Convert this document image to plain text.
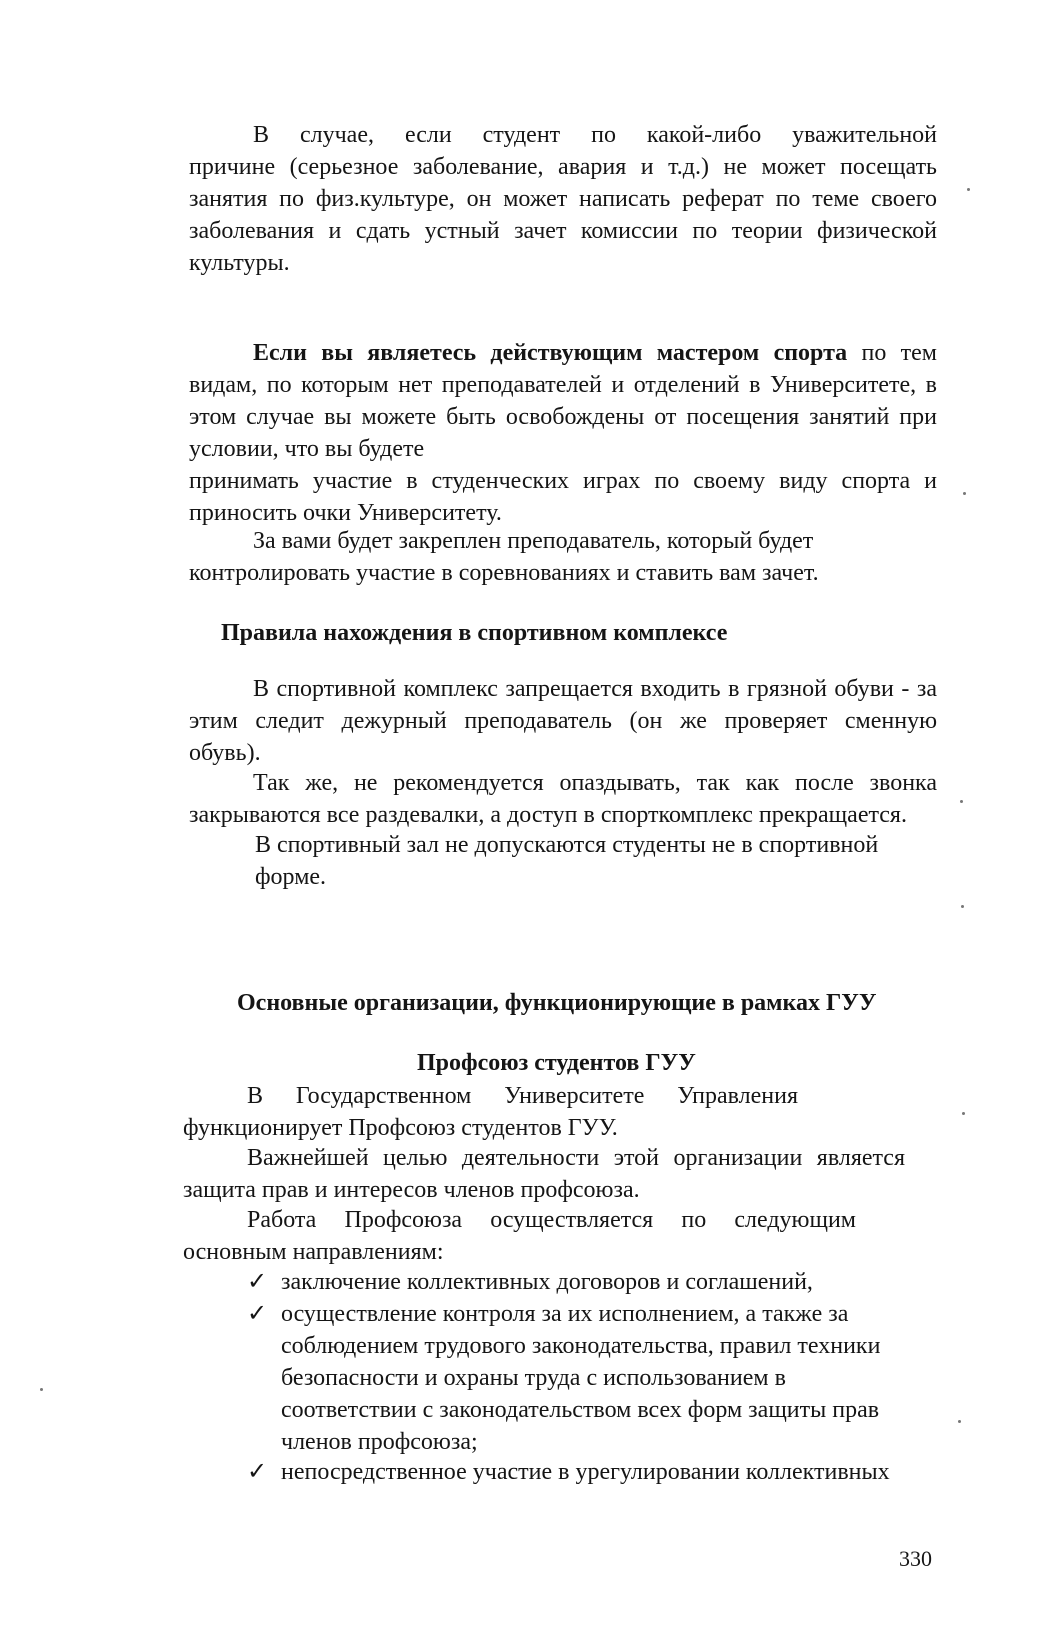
В случае, если студент по какой-либо уважительной
причине (серьезное заболевание, авария и т.д.) не может посещать
занятия по физ.культуре, он может написать реферат по теме своего
заболевания и сдать устный зачет комиссии по теории физической
культуры.
Если вы являетесь действующим мастером спорта по тем
видам, по которым нет преподавателей и отделений в Университете, в
этом случае вы можете быть освобождены от посещения занятий при
условии, что вы будете
принимать участие в студенческих играх по своему виду спорта и
приносить очки Университету.
За вами будет закреплен преподаватель, который будет
контролировать участие в соревнованиях и ставить вам зачет.
Правила нахождения в спортивном комплексе
В спортивной комплекс запрещается входить в грязной обуви - за
этим следит дежурный преподаватель (он же проверяет сменную
обувь).
Так же, не рекомендуется опаздывать, так как после звонка
закрываются все раздевалки, а доступ в спорткомплекс прекращается.
В спортивный зал не допускаются студенты не в спортивной
форме.
Основные организации, функционирующие в рамках ГУУ
Профсоюз студентов ГУУ
В Государственном Университете Управления
функционирует Профсоюз студентов ГУУ.
Важнейшей целью деятельности этой организации является
защита прав и интересов членов профсоюза.
Работа Профсоюза осуществляется по следующим
основным направлениям:
✓ заключение коллективных договоров и соглашений,
✓ осуществление контроля за их исполнением, а также за
соблюдением трудового законодательства, правил техники
безопасности и охраны труда с использованием в
соответствии с законодательством всех форм защиты прав
членов профсоюза;
✓ непосредственное участие в урегулировании коллективных
330
